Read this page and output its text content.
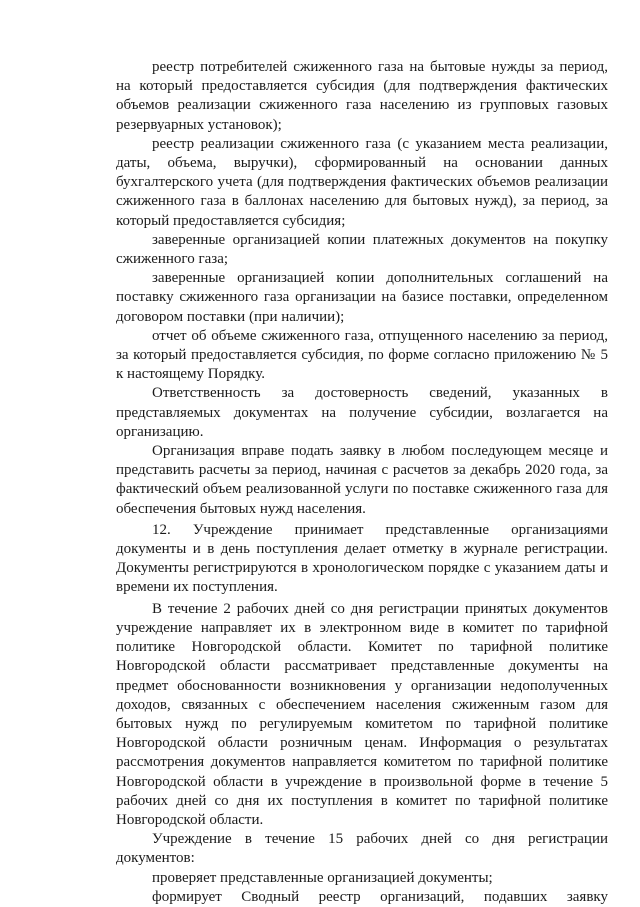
реестр потребителей сжиженного газа на бытовые нужды за период, на который предоставляется субсидия (для подтверждения фактических объемов реализации сжиженного газа населению из групповых газовых резервуарных установок);

реестр реализации сжиженного газа (с указанием места реализации, даты, объема, выручки), сформированный на основании данных бухгалтерского учета (для подтверждения фактических объемов реализации сжиженного газа в баллонах населению для бытовых нужд), за период, за который предоставляется субсидия;

заверенные организацией копии платежных документов на покупку сжиженного газа;

заверенные организацией копии дополнительных соглашений на поставку сжиженного газа организации на базисе поставки, определенном договором поставки (при наличии);

отчет об объеме сжиженного газа, отпущенного населению за период, за который предоставляется субсидия, по форме согласно приложению № 5 к настоящему Порядку.

Ответственность за достоверность сведений, указанных в представляемых документах на получение субсидии, возлагается на организацию.

Организация вправе подать заявку в любом последующем месяце и представить расчеты за период, начиная с расчетов за декабрь 2020 года, за фактический объем реализованной услуги по поставке сжиженного газа для обеспечения бытовых нужд населения.

12. Учреждение принимает представленные организациями документы и в день поступления делает отметку в журнале регистрации. Документы регистрируются в хронологическом порядке с указанием даты и времени их поступления.

В течение 2 рабочих дней со дня регистрации принятых документов учреждение направляет их в электронном виде в комитет по тарифной политике Новгородской области. Комитет по тарифной политике Новгородской области рассматривает представленные документы на предмет обоснованности возникновения у организации недополученных доходов, связанных с обеспечением населения сжиженным газом для бытовых нужд по регулируемым комитетом по тарифной политике Новгородской области розничным ценам. Информация о результатах рассмотрения документов направляется комитетом по тарифной политике Новгородской области в учреждение в произвольной форме в течение 5 рабочих дней со дня их поступления в комитет по тарифной политике Новгородской области.

Учреждение в течение 15 рабочих дней со дня регистрации документов:

проверяет представленные организацией документы;

формирует Сводный реестр организаций, подавших заявку
